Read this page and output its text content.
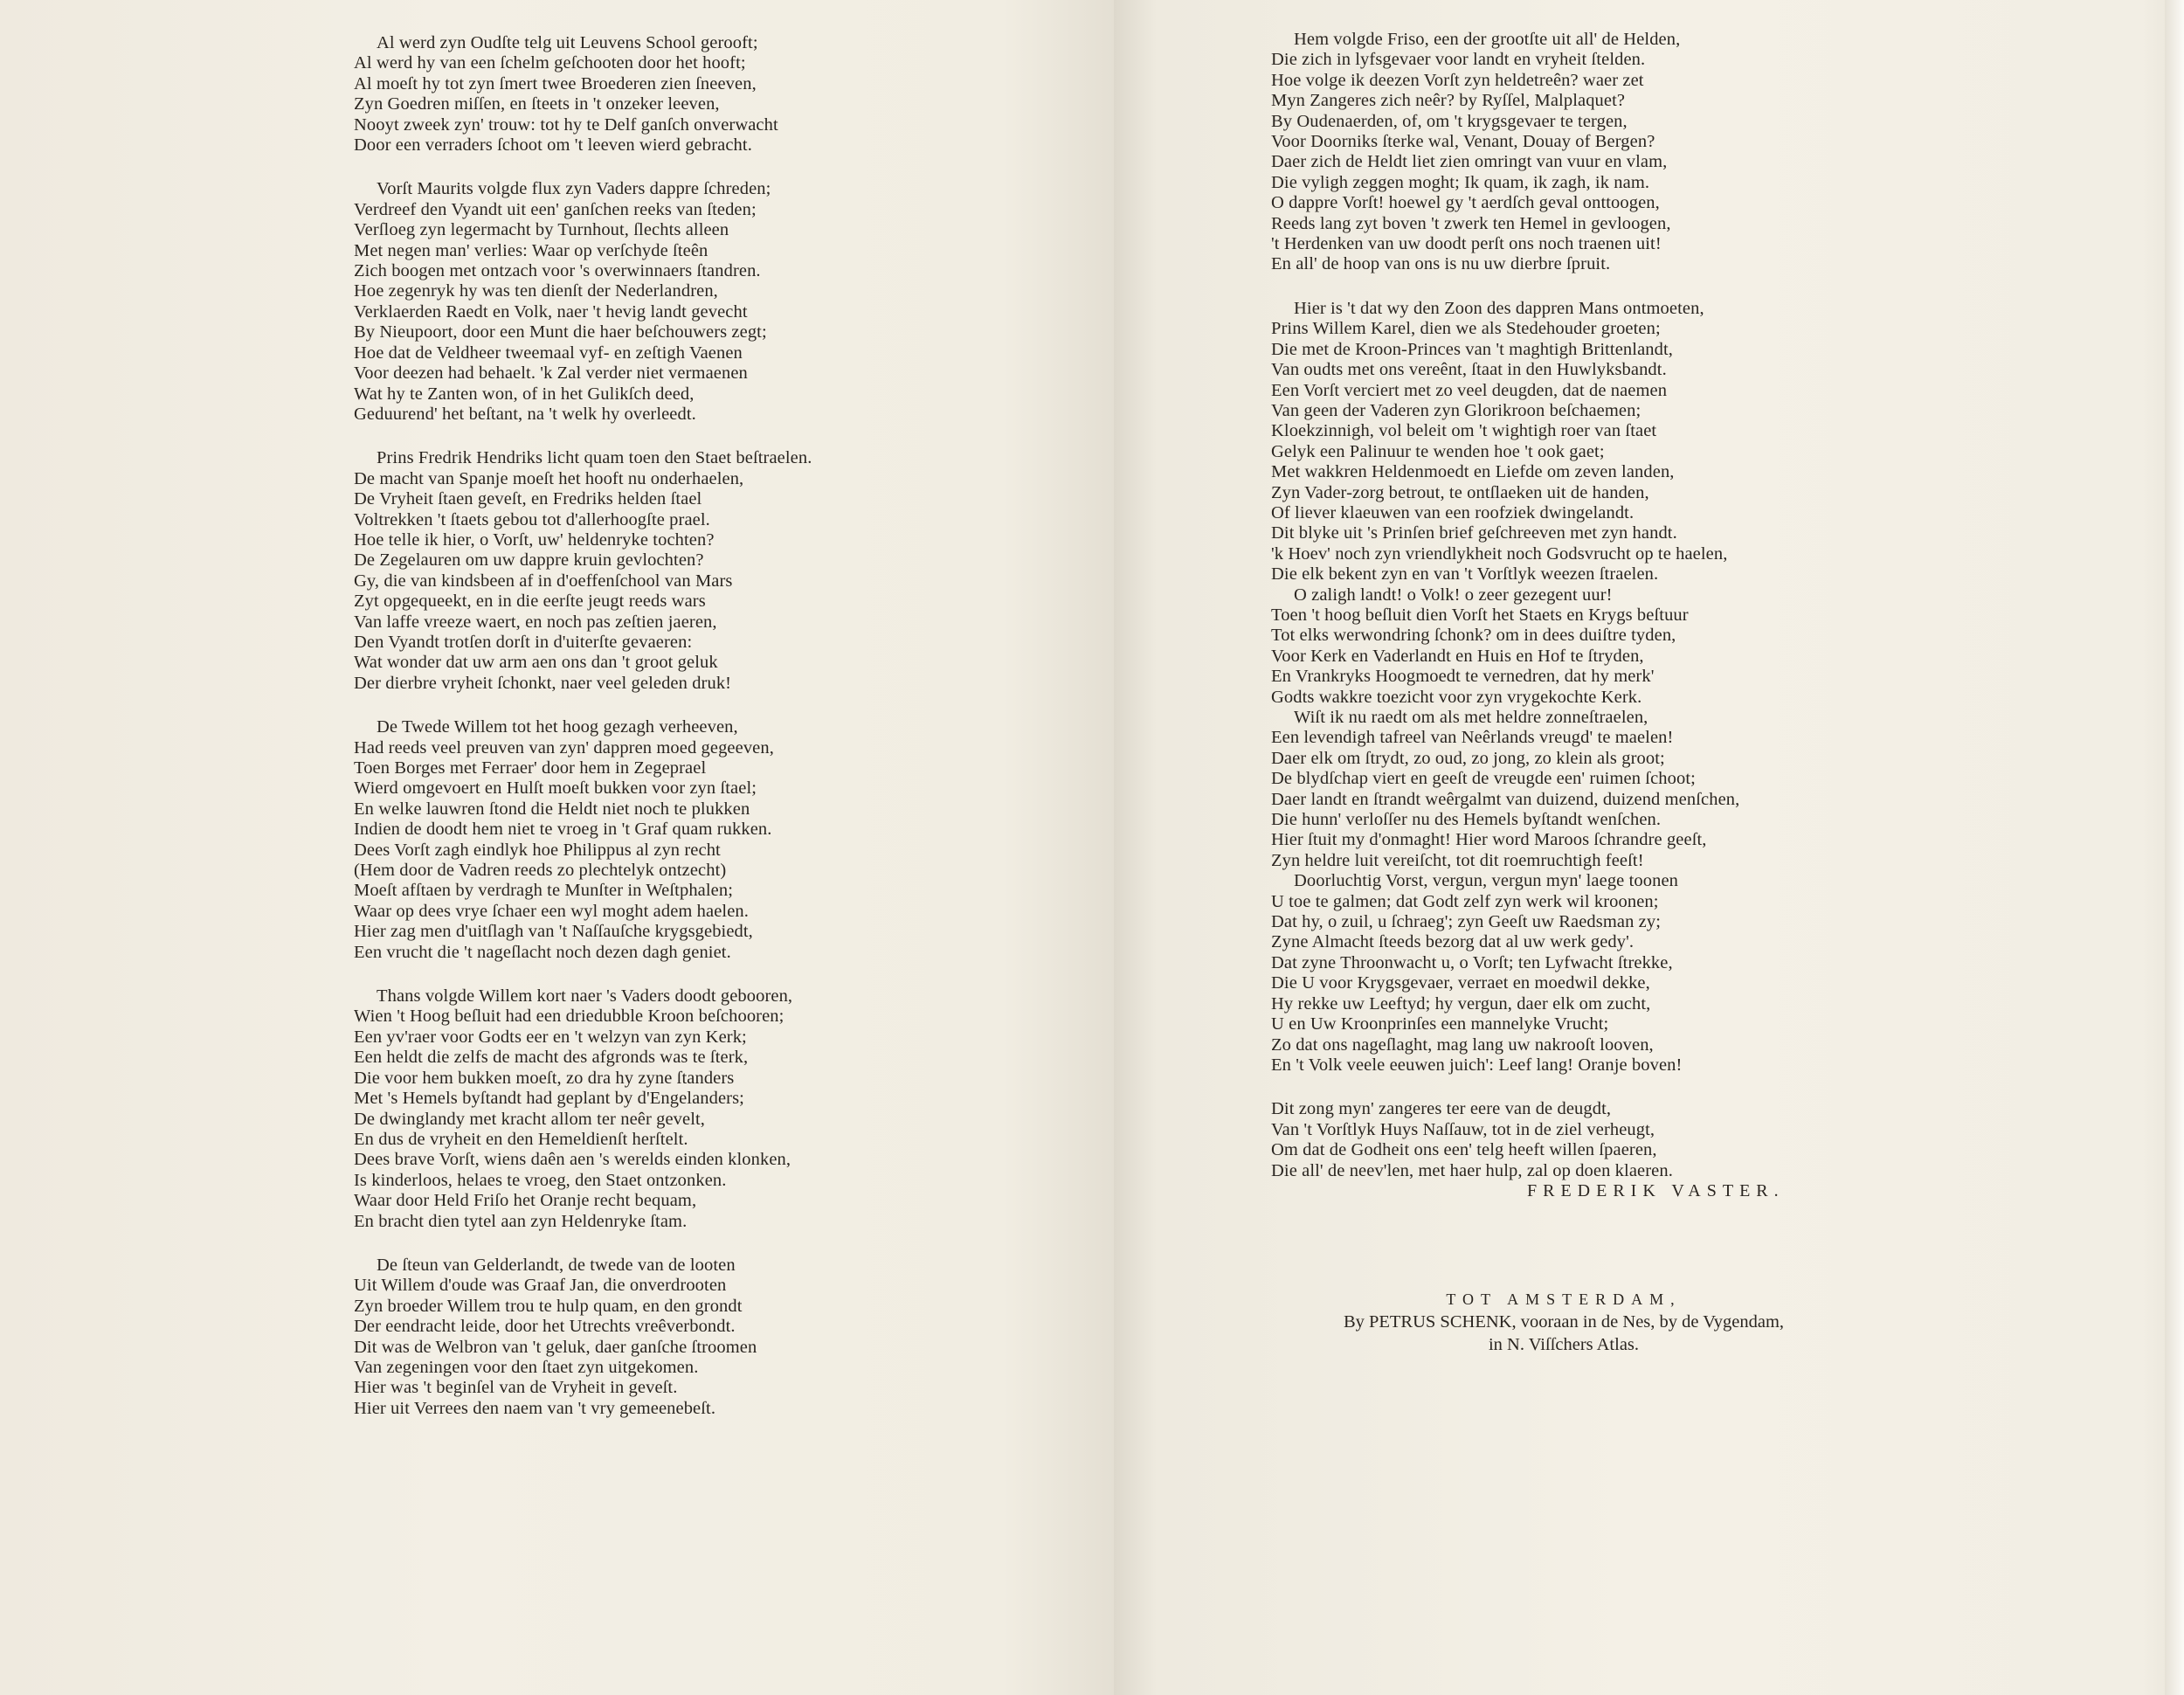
Al werd zyn Oudſte telg uit Leuvens School gerooft;
Al werd hy van een ſchelm geſchooten door het hooft;
Al moeſt hy tot zyn ſmert twee Broederen zien ſneeven,
Zyn Goedren miſſen, en ſteets in 't onzeker leeven,
Nooyt zweek zyn' trouw: tot hy te Delf ganſch onverwacht
Door een verraders ſchoot om 't leeven wierd gebracht.
Vorſt Maurits volgde flux zyn Vaders dappre ſchreden;
Verdreef den Vyandt uit een' ganſchen reeks van ſteden;
Verſloeg zyn legermacht by Turnhout, ſlechts alleen
Met negen man' verlies: Waar op verſchyde ſteên
Zich boogen met ontzach voor 's overwinnaers ſtandren.
Hoe zegenryk hy was ten dienſt der Nederlandren,
Verklaerden Raedt en Volk, naer 't hevig landt gevecht
By Nieupoort, door een Munt die haer beſchouwers zegt;
Hoe dat de Veldheer tweemaal vyf- en zeſtigh Vaenen
Voor deezen had behaelt. 'k Zal verder niet vermaenen
Wat hy te Zanten won, of in het Gulikſch deed,
Geduurend' het beſtant, na 't welk hy overleedt.
Prins Fredrik Hendriks licht quam toen den Staet beſtraelen.
De macht van Spanje moeſt het hooft nu onderhaelen,
De Vryheit ſtaen geveſt, en Fredriks helden ſtael
Voltrekken 't ſtaets gebou tot d'allerhoogſte prael.
Hoe telle ik hier, o Vorſt, uw' heldenryke tochten?
De Zegelauren om uw dappre kruin gevlochten?
Gy, die van kindsbeen af in d'oeffenſchool van Mars
Zyt opgequeekt, en in die eerſte jeugt reeds wars
Van laffe vreeze waert, en noch pas zeſtien jaeren,
Den Vyandt trotſen dorſt in d'uiterſte gevaeren:
Wat wonder dat uw arm aen ons dan 't groot geluk
Der dierbre vryheit ſchonkt, naer veel geleden druk!
De Twede Willem tot het hoog gezagh verheeven,
Had reeds veel preuven van zyn' dappren moed gegeeven,
Toen Borges met Ferraer' door hem in Zegeprael
Wierd omgevoert en Hulſt moeſt bukken voor zyn ſtael;
En welke lauwren ſtond die Heldt niet noch te plukken
Indien de doodt hem niet te vroeg in 't Graf quam rukken.
Dees Vorſt zagh eindlyk hoe Philippus al zyn recht
(Hem door de Vadren reeds zo plechtelyk ontzecht)
Moeſt afſtaen by verdragh te Munſter in Weſtphalen;
Waar op dees vrye ſchaer een wyl moght adem haelen.
Hier zag men d'uitſlagh van 't Naſſauſche krygsgebiedt,
Een vrucht die 't nageſlacht noch dezen dagh geniet.
Thans volgde Willem kort naer 's Vaders doodt gebooren,
Wien 't Hoog beſluit had een driedubble Kroon beſchooren;
Een yv'raer voor Godts eer en 't welzyn van zyn Kerk;
Een heldt die zelfs de macht des afgronds was te ſterk,
Die voor hem bukken moeſt, zo dra hy zyne ſtanders
Met 's Hemels byſtandt had geplant by d'Engelanders;
De dwinglandy met kracht allom ter neêr gevelt,
En dus de vryheit en den Hemeldienſt herſtelt.
Dees brave Vorſt, wiens daên aen 's werelds einden klonken,
Is kinderloos, helaes te vroeg, den Staet ontzonken.
Waar door Held Friſo het Oranje recht bequam,
En bracht dien tytel aan zyn Heldenryke ſtam.
De ſteun van Gelderlandt, de twede van de looten
Uit Willem d'oude was Graaf Jan, die onverdrooten
Zyn broeder Willem trou te hulp quam, en den grondt
Der eendracht leide, door het Utrechts vreêverbondt.
Dit was de Welbron van 't geluk, daer ganſche ſtroomen
Van zegeningen voor den ſtaet zyn uitgekomen.
Hier was 't beginſel van de Vryheit in geveſt.
Hier uit Verrees den naem van 't vry gemeenebeſt.
Hem volgde Friso, een der grootſte uit all' de Helden,
Die zich in lyfsgevaer voor landt en vryheit ſtelden.
Hoe volge ik deezen Vorſt zyn heldetreên? waer zet
Myn Zangeres zich neêr? by Ryſſel, Malplaquet?
By Oudenaerden, of, om 't krygsgevaer te tergen,
Voor Doorniks ſterke wal, Venant, Douay of Bergen?
Daer zich de Heldt liet zien omringt van vuur en vlam,
Die vyligh zeggen moght; Ik quam, ik zagh, ik nam.
O dappre Vorſt! hoewel gy 't aerdſch geval onttoogen,
Reeds lang zyt boven 't zwerk ten Hemel in gevloogen,
't Herdenken van uw doodt perſt ons noch traenen uit!
En all' de hoop van ons is nu uw dierbre ſpruit.
Hier is 't dat wy den Zoon des dappren Mans ontmoeten,
Prins Willem Karel, dien we als Stedehouder groeten;
Die met de Kroon-Princes van 't maghtigh Brittenlandt,
Van oudts met ons vereênt, ſtaat in den Huwlyksbandt.
Een Vorſt verciert met zo veel deugden, dat de naemen
Van geen der Vaderen zyn Glorikroon beſchaemen;
Kloekzinnigh, vol beleit om 't wightigh roer van ſtaet
Gelyk een Palinuur te wenden hoe 't ook gaet;
Met wakkren Heldenmoedt en Liefde om zeven landen,
Zyn Vader-zorg betrout, te ontſlaeken uit de handen,
Of liever klaeuwen van een roofziek dwingelandt.
Dit blyke uit 's Prinſen brief geſchreeven met zyn handt.
'k Hoev' noch zyn vriendlykheit noch Godsvrucht op te haelen,
Die elk bekent zyn en van 't Vorſtlyk weezen ſtraelen.
O zaligh landt! o Volk! o zeer gezegent uur!
Toen 't hoog beſluit dien Vorſt het Staets en Krygs beſtuur
Tot elks werwondring ſchonk? om in dees duiſtre tyden,
Voor Kerk en Vaderlandt en Huis en Hof te ſtryden,
En Vrankryks Hoogmoedt te vernedren, dat hy merk'
Godts wakkre toezicht voor zyn vrygekochte Kerk.
Wiſt ik nu raedt om als met heldre zonneſtraelen,
Een levendigh tafreel van Neêrlands vreugd' te maelen!
Daer elk om ſtrydt, zo oud, zo jong, zo klein als groot;
De blydſchap viert en geeſt de vreugde een' ruimen ſchoot;
Daer landt en ſtrandt weêrgalmt van duizend, duizend menſchen,
Die hunn' verloſſer nu des Hemels byſtandt wenſchen.
Hier ſtuit my d'onmaght! Hier word Maroos ſchrandre geeſt,
Zyn heldre luit vereiſcht, tot dit roemruchtigh feeſt!
Doorluchtig Vorst, vergun, vergun myn' laege toonen
U toe te galmen; dat Godt zelf zyn werk wil kroonen;
Dat hy, o zuil, u ſchraeg'; zyn Geeſt uw Raedsman zy;
Zyne Almacht ſteeds bezorg dat al uw werk gedy'.
Dat zyne Throonwacht u, o Vorſt; ten Lyfwacht ſtrekke,
Die U voor Krygsgevaer, verraet en moedwil dekke,
Hy rekke uw Leeftyd; hy vergun, daer elk om zucht,
U en Uw Kroonprinſes een mannelyke Vrucht;
Zo dat ons nageſlaght, mag lang uw nakrooſt looven,
En 't Volk veele eeuwen juich': Leef lang! Oranje boven!
Dit zong myn' zangeres ter eere van de deugdt,
Van 't Vorſtlyk Huys Naſſauw, tot in de ziel verheugt,
Om dat de Godheit ons een' telg heeft willen ſpaeren,
Die all' de neev'len, met haer hulp, zal op doen klaeren.
FREDERIK VASTER.
TOT AMSTERDAM,
By PETRUS SCHENK, vooraan in de Nes, by de Vygendam,
in N. Viſſchers Atlas.
